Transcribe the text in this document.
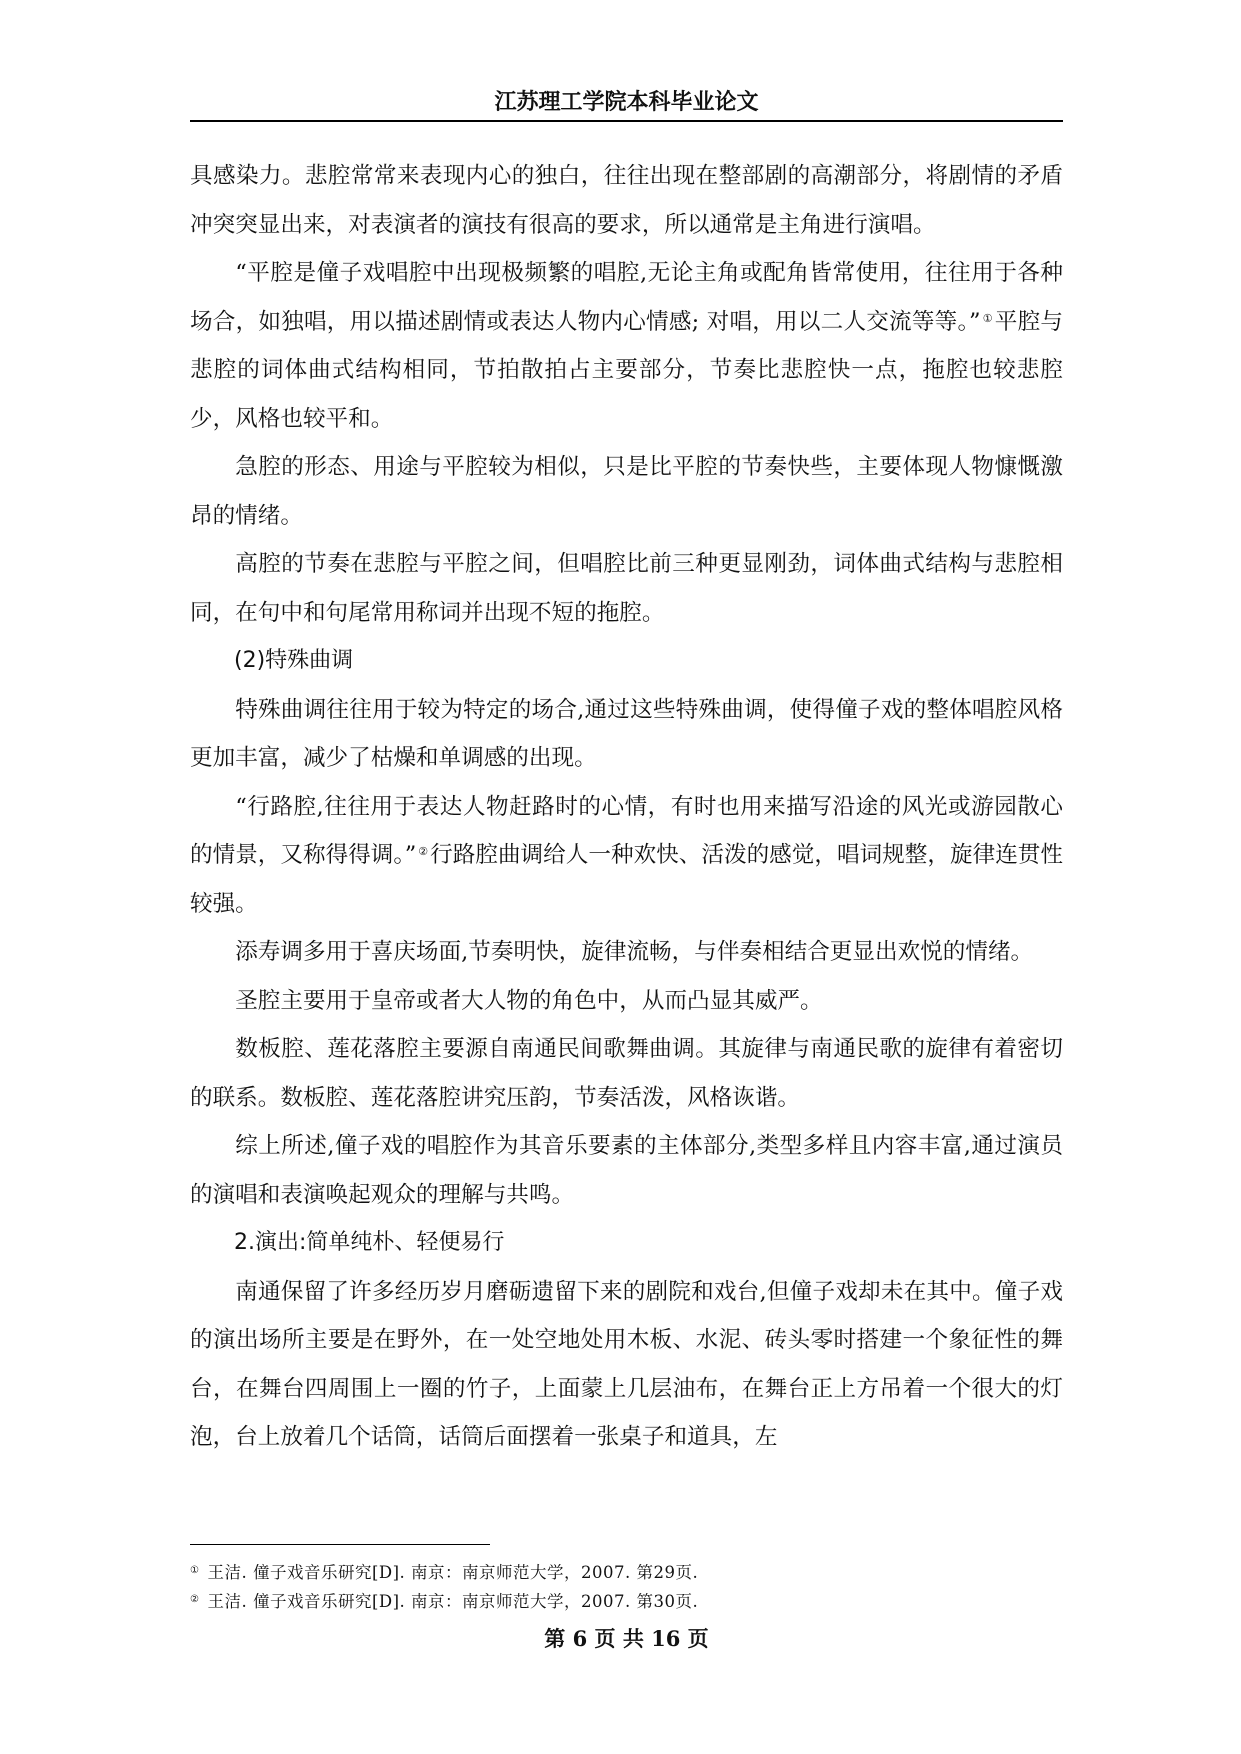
江苏理工学院本科毕业论文

具感染力。悲腔常常来表现内心的独白，往往出现在整部剧的高潮部分，将剧情的矛盾冲突突显出来，对表演者的演技有很高的要求，所以通常是主角进行演唱。

“平腔是僮子戏唱腔中出现极频繁的唱腔,无论主角或配角皆常使用，往往用于各种场合，如独唱，用以描述剧情或表达人物内心情感; 对唱，用以二人交流等等。” ①平腔与悲腔的词体曲式结构相同，节拍散拍占主要部分，节奏比悲腔快一点，拖腔也较悲腔少，风格也较平和。

急腔的形态、用途与平腔较为相似，只是比平腔的节奏快些，主要体现人物慷慨激昂的情绪。

高腔的节奏在悲腔与平腔之间，但唱腔比前三种更显刚劲，词体曲式结构与悲腔相同，在句中和句尾常用称词并出现不短的拖腔。

(2)特殊曲调

特殊曲调往往用于较为特定的场合,通过这些特殊曲调，使得僮子戏的整体唱腔风格更加丰富，减少了枯燥和单调感的出现。

“行路腔,往往用于表达人物赶路时的心情，有时也用来描写沿途的风光或游园散心的情景，又称得得调。” ②行路腔曲调给人一种欢快、活泼的感觉，唱词规整，旋律连贯性较强。

添寿调多用于喜庆场面,节奏明快，旋律流畅，与伴奏相结合更显出欢悦的情绪。

圣腔主要用于皇帝或者大人物的角色中，从而凸显其威严。

数板腔、莲花落腔主要源自南通民间歌舞曲调。其旋律与南通民歌的旋律有着密切的联系。数板腔、莲花落腔讲究压韵，节奏活泼，风格诙谐。

综上所述,僮子戏的唱腔作为其音乐要素的主体部分,类型多样且内容丰富,通过演员的演唱和表演唤起观众的理解与共鸣。

2.演出:简单纯朴、轻便易行

南通保留了许多经历岁月磨砺遗留下来的剧院和戏台,但僮子戏却未在其中。僮子戏的演出场所主要是在野外，在一处空地处用木板、水泥、砖头零时搭建一个象征性的舞台，在舞台四周围上一圈的竹子，上面蒙上几层油布，在舞台正上方吊着一个很大的灯泡，台上放着几个话筒，话筒后面摆着一张桌子和道具，左

① 王洁. 僮子戏音乐研究[D]. 南京：南京师范大学，2007. 第29页.
② 王洁. 僮子戏音乐研究[D]. 南京：南京师范大学，2007. 第30页.
第 6 页 共 16 页
